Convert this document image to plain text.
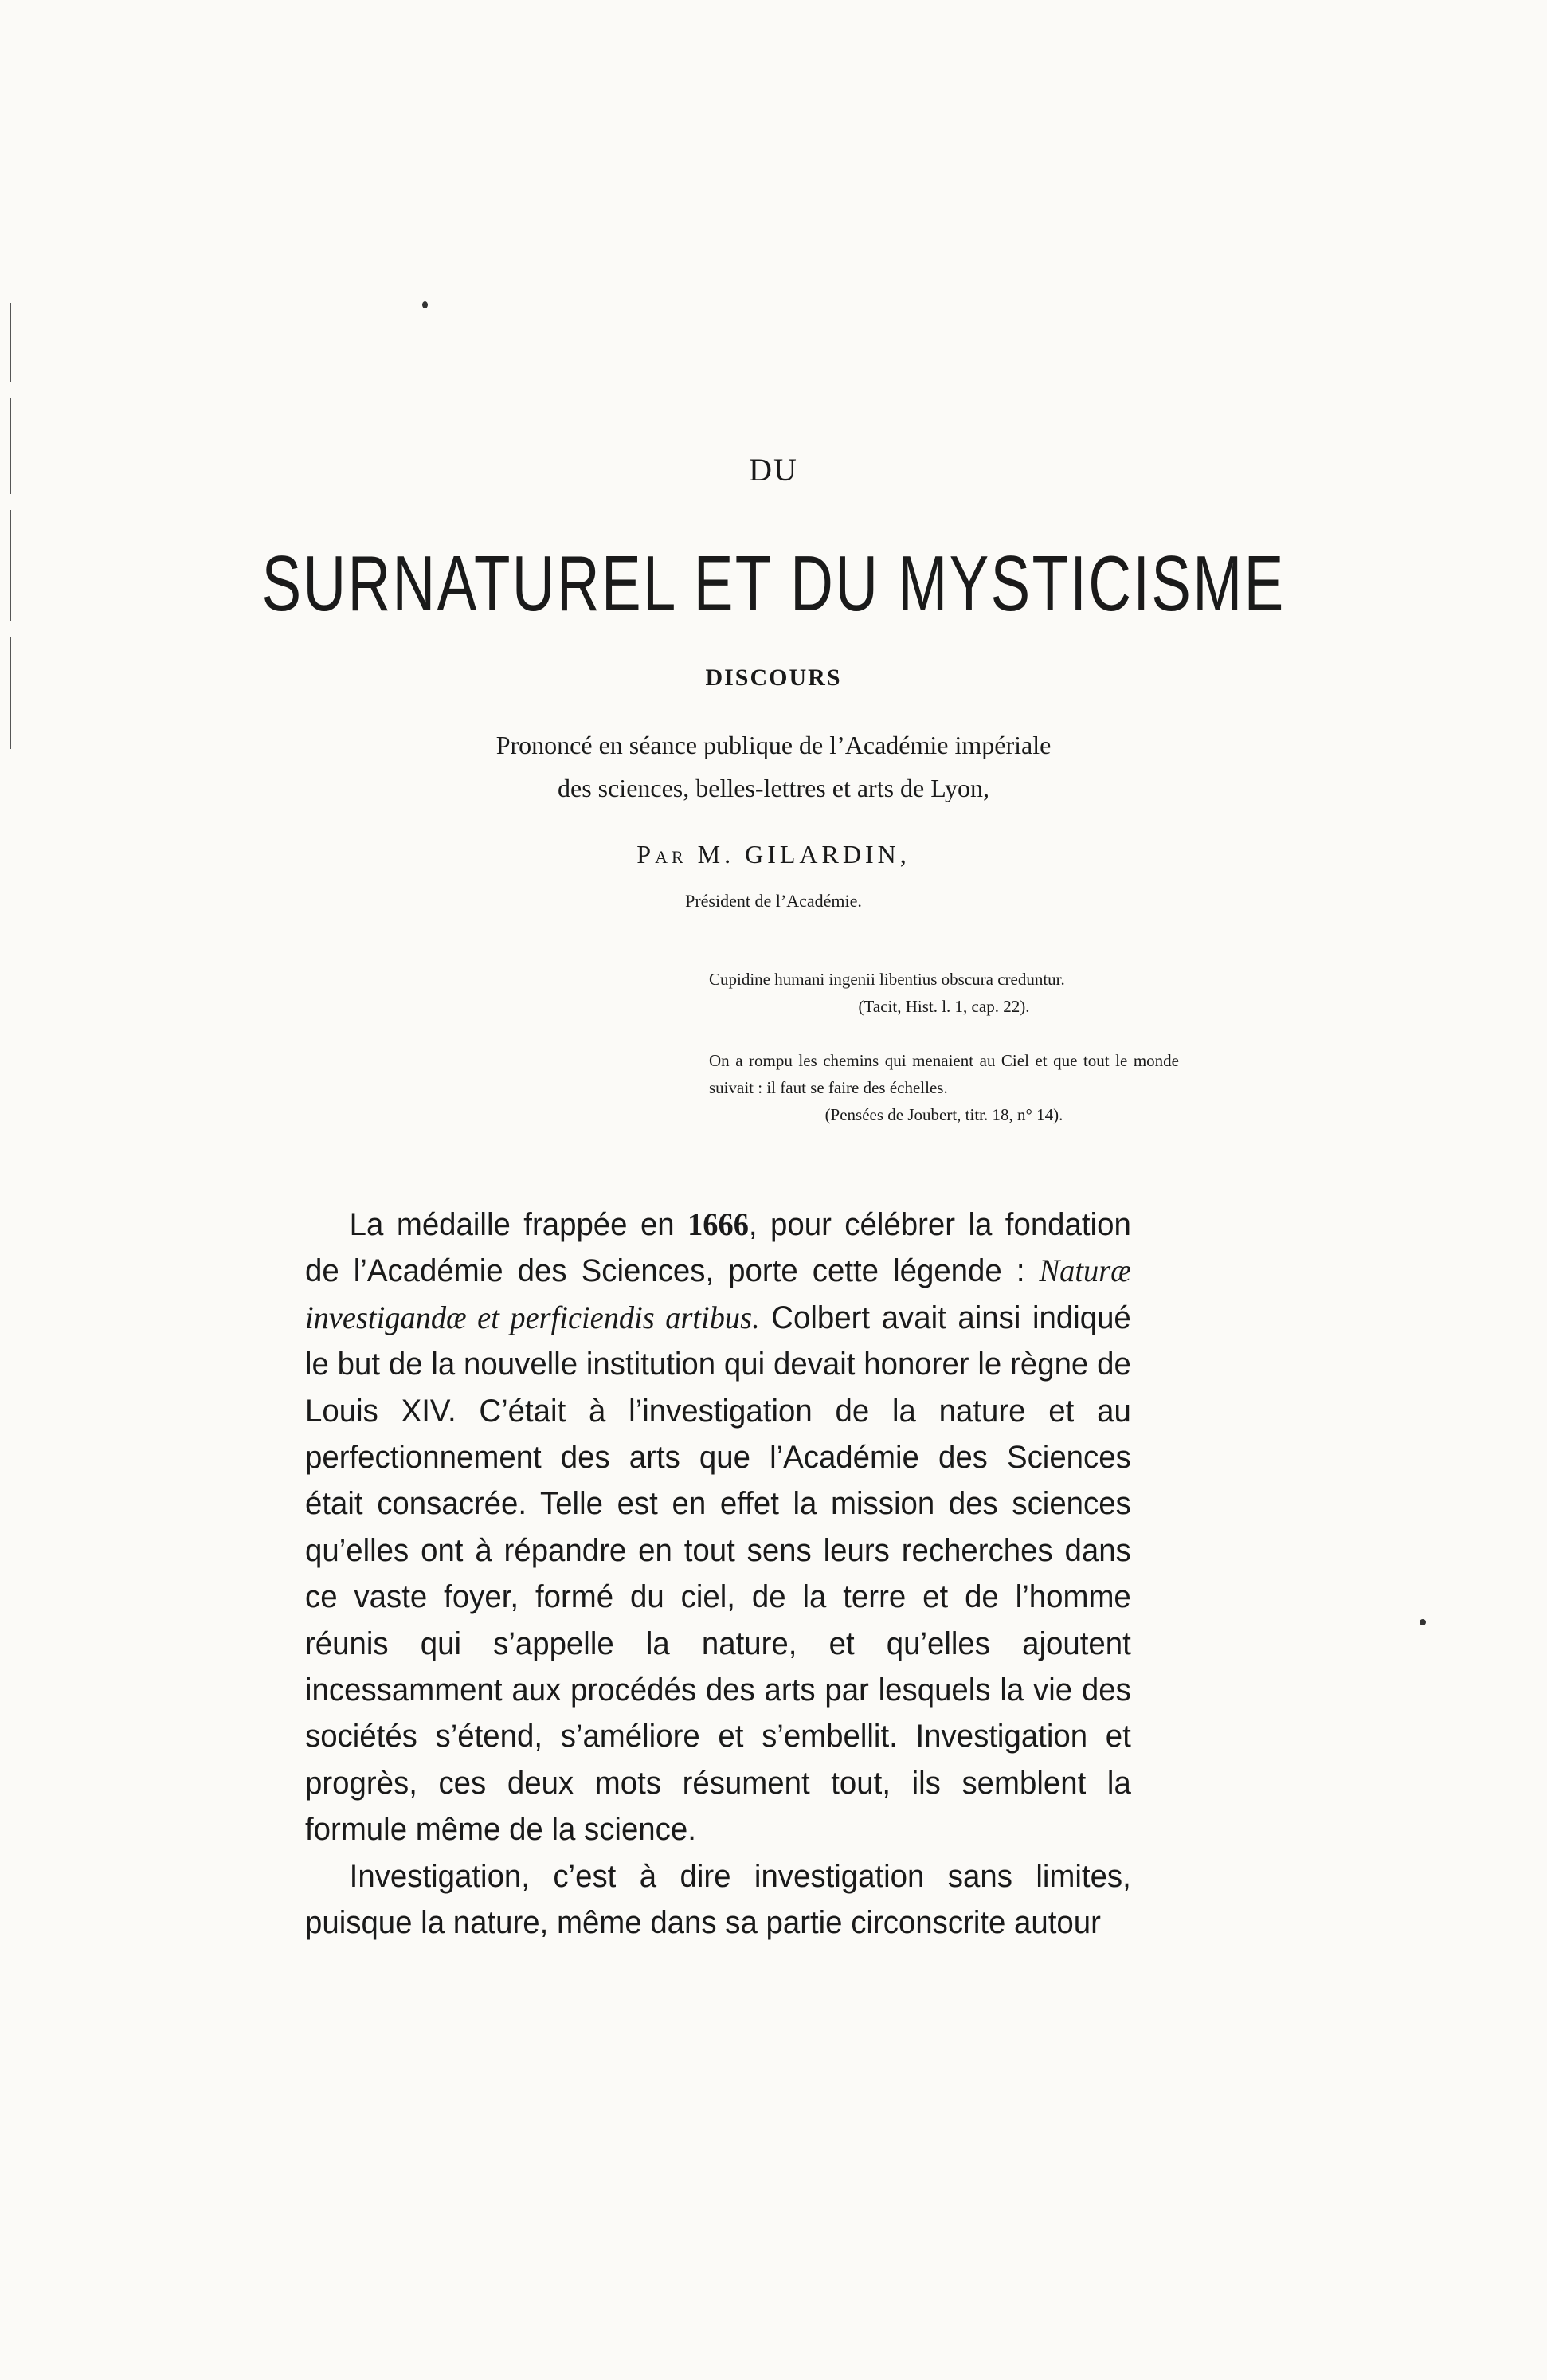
DU
SURNATUREL ET DU MYSTICISME
DISCOURS
Prononcé en séance publique de l’Académie impériale
des sciences, belles-lettres et arts de Lyon,
Par M. GILARDIN,
Président de l’Académie.
Cupidine humani ingenii libentius obscura creduntur.
(Tacit, Hist. l. 1, cap. 22).
On a rompu les chemins qui menaient au Ciel et que tout le monde suivait : il faut se faire des échelles.
(Pensées de Joubert, titr. 18, n° 14).

La médaille frappée en 1666, pour célébrer la fondation de l’Académie des Sciences, porte cette légende : Naturæ investigandæ et perficiendis artibus. Colbert avait ainsi indiqué le but de la nouvelle institution qui devait honorer le règne de Louis XIV. C’était à l’investigation de la nature et au perfectionnement des arts que l’Académie des Sciences était consacrée. Telle est en effet la mission des sciences qu’elles ont à répandre en tout sens leurs recherches dans ce vaste foyer, formé du ciel, de la terre et de l’homme réunis qui s’appelle la nature, et qu’elles ajoutent incessamment aux procédés des arts par lesquels la vie des sociétés s’étend, s’améliore et s’embellit. Investigation et progrès, ces deux mots résument tout, ils semblent la formule même de la science.

Investigation, c’est à dire investigation sans limites, puisque la nature, même dans sa partie circonscrite autour
